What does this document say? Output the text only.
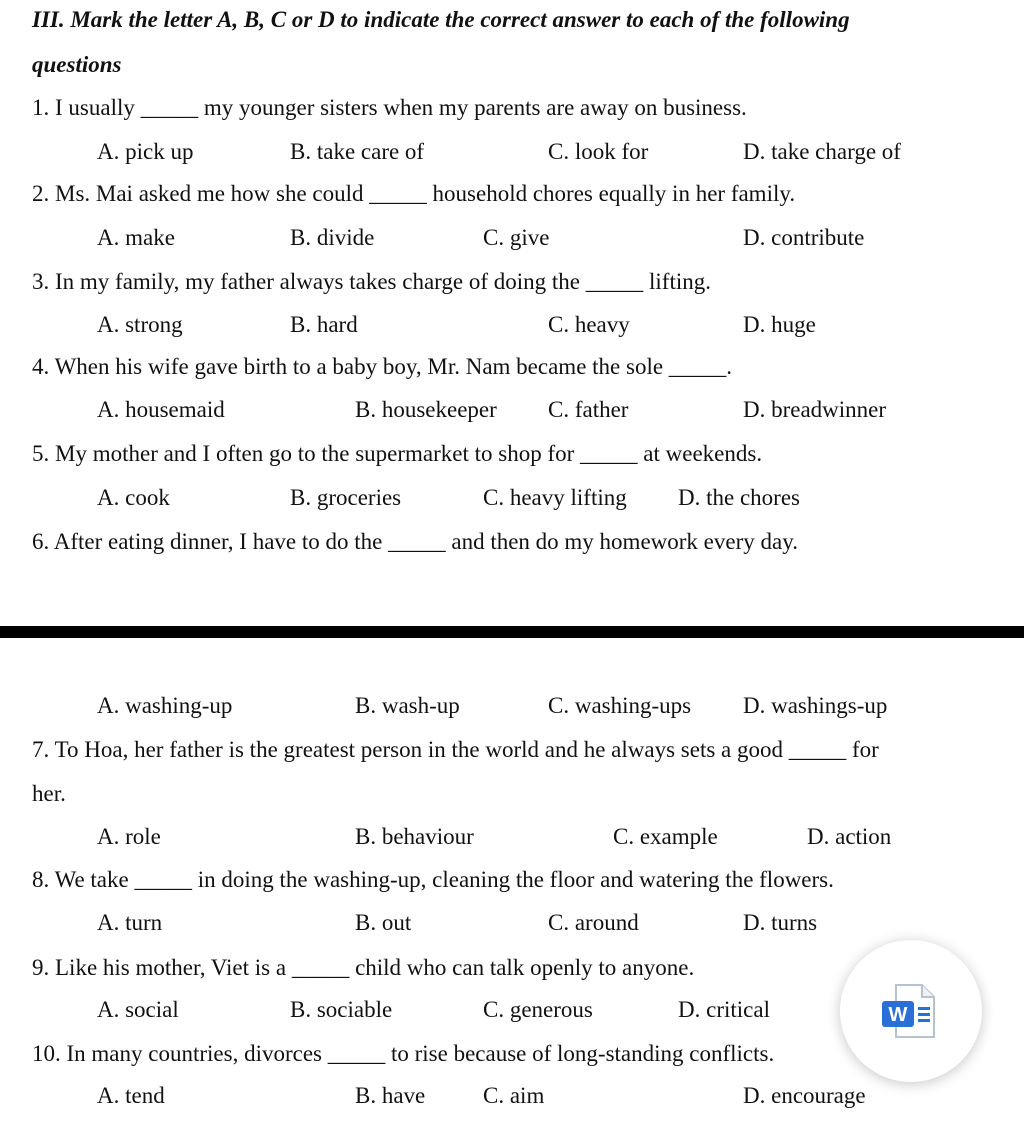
III. Mark the letter A, B, C or D to indicate the correct answer to each of the following
questions
1. I usually _____ my younger sisters when my parents are away on business.
A. pick up	B. take care of	C. look for	D. take charge of
2. Ms. Mai asked me how she could _____ household chores equally in her family.
A. make	B. divide	C. give	D. contribute
3. In my family, my father always takes charge of doing the _____ lifting.
A. strong	B. hard	C. heavy	D. huge
4. When his wife gave birth to a baby boy, Mr. Nam became the sole _____.
A. housemaid	B. housekeeper C. father	D. breadwinner
5. My mother and I often go to the supermarket to shop for _____ at weekends.
A. cook	B. groceries	C. heavy lifting D. the chores
6. After eating dinner, I have to do the _____ and then do my homework every day.
A. washing-up	B. wash-up	C. washing-ups D. washings-up
7. To Hoa, her father is the greatest person in the world and he always sets a good _____ for
her.
A. role	B. behaviour	C. example	D. action
8. We take _____ in doing the washing-up, cleaning the floor and watering the flowers.
A. turn	B. out	C. around	D. turns
9. Like his mother, Viet is a _____ child who can talk openly to anyone.
A. social	B. sociable	C. generous	D. critical
10. In many countries, divorces _____ to rise because of long-standing conflicts.
A. tend	B. have	C. aim	D. encourage
W
